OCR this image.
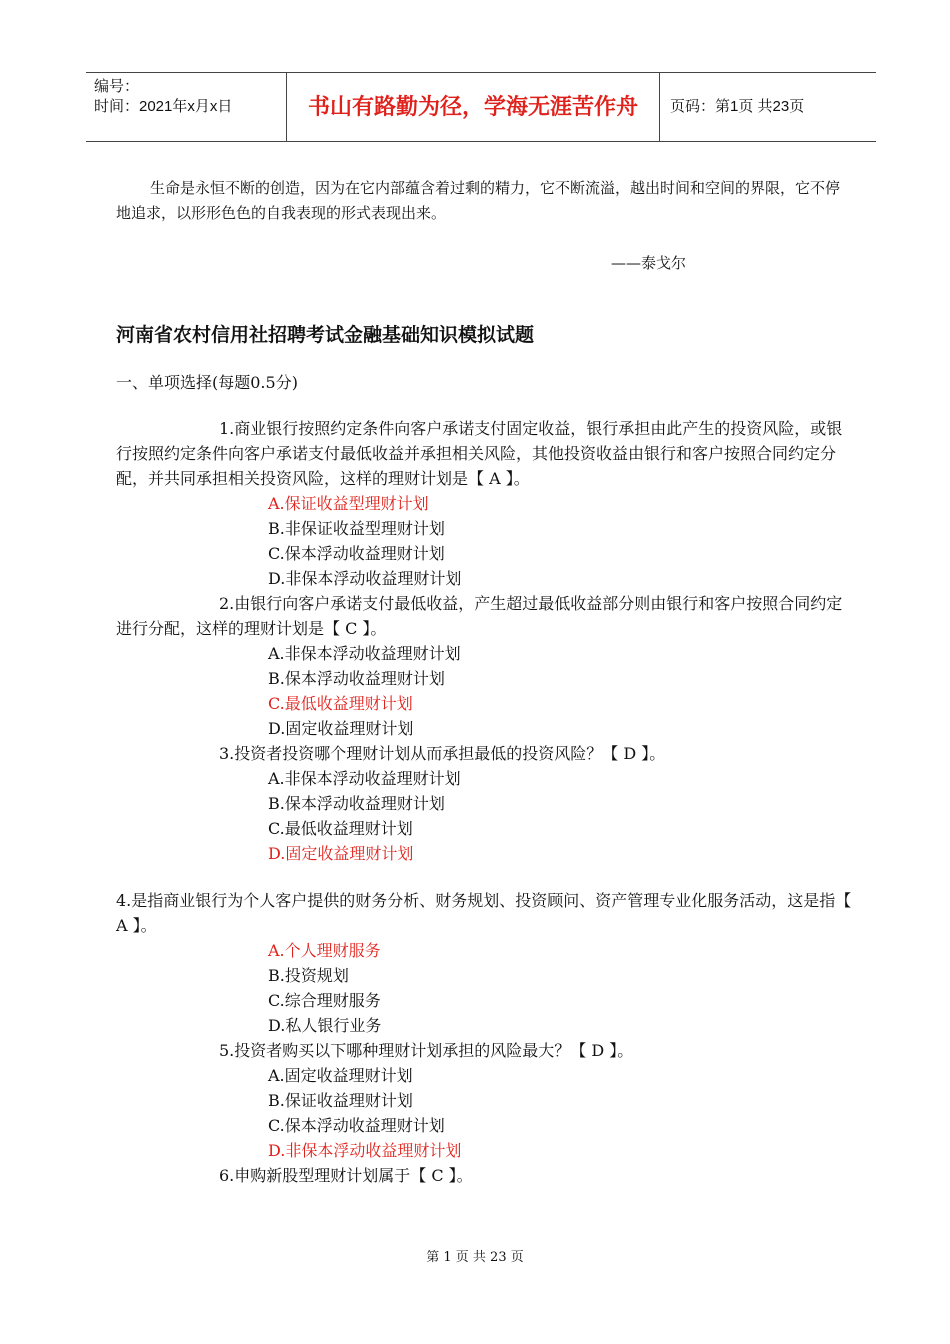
编号：
时间：2021年x月x日	书山有路勤为径，学海无涯苦作舟	页码：第1页 共23页

生命是永恒不断的创造，因为在它内部蕴含着过剩的精力，它不断流溢，越出时间和空间的界限，它不停地追求，以形形色色的自我表现的形式表现出来。

——泰戈尔
河南省农村信用社招聘考试金融基础知识模拟试题
一、单项选择(每题0.5分)

1.商业银行按照约定条件向客户承诺支付固定收益，银行承担由此产生的投资风险，或银行按照约定条件向客户承诺支付最低收益并承担相关风险，其他投资收益由银行和客户按照合同约定分配，并共同承担相关投资风险，这样的理财计划是【 A 】。

A.保证收益型理财计划
B.非保证收益型理财计划
C.保本浮动收益理财计划
D.非保本浮动收益理财计划

2.由银行向客户承诺支付最低收益，产生超过最低收益部分则由银行和客户按照合同约定进行分配，这样的理财计划是【 C 】。

A.非保本浮动收益理财计划
B.保本浮动收益理财计划
C.最低收益理财计划
D.固定收益理财计划

3.投资者投资哪个理财计划从而承担最低的投资风险？【 D 】。

A.非保本浮动收益理财计划
B.保本浮动收益理财计划
C.最低收益理财计划
D.固定收益理财计划

4.是指商业银行为个人客户提供的财务分析、财务规划、投资顾问、资产管理专业化服务活动，这是指【 A 】。

A.个人理财服务
B.投资规划
C.综合理财服务
D.私人银行业务

5.投资者购买以下哪种理财计划承担的风险最大？【 D 】。

A.固定收益理财计划
B.保证收益理财计划
C.保本浮动收益理财计划
D.非保本浮动收益理财计划

6.申购新股型理财计划属于【 C 】。

第 1 页 共 23 页
